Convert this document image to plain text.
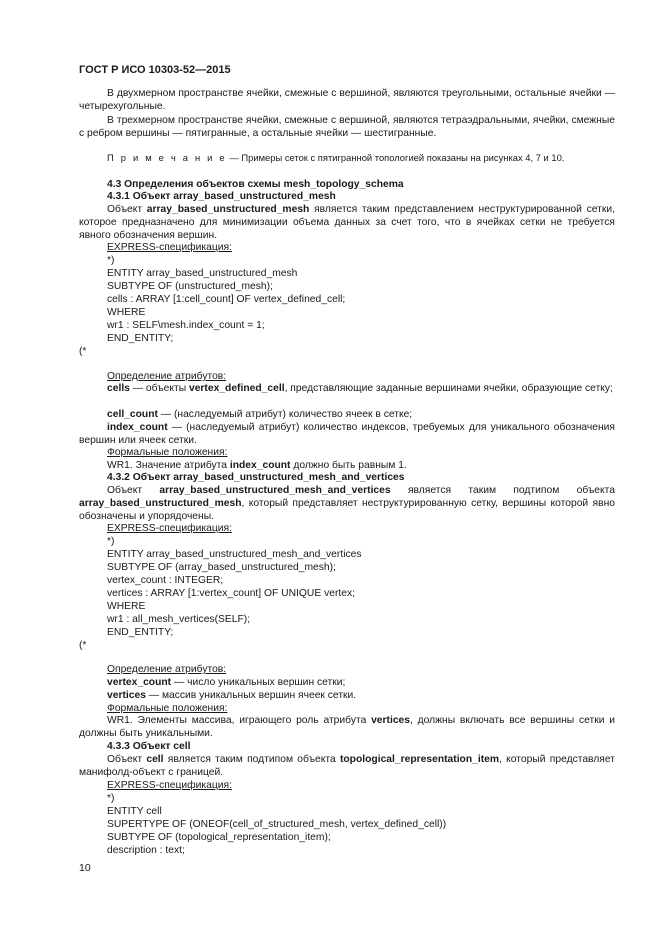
ГОСТ Р ИСО 10303-52—2015
В двухмерном пространстве ячейки, смежные с вершиной, являются треугольными, остальные ячейки — четырехугольные.
В трехмерном пространстве ячейки, смежные с вершиной, являются тетраэдральными, ячейки, смежные с ребром вершины — пятигранные, а остальные ячейки — шестигранные.
П р и м е ч а н и е — Примеры сеток с пятигранной топологией показаны на рисунках 4, 7 и 10.
4.3 Определения объектов схемы mesh_topology_schema
4.3.1 Объект array_based_unstructured_mesh
Объект array_based_unstructured_mesh является таким представлением неструктурированной сетки, которое предназначено для минимизации объема данных за счет того, что в ячейках сетки не требуется явного обозначения вершин.
EXPRESS-спецификация:
*)
ENTITY array_based_unstructured_mesh
SUBTYPE OF (unstructured_mesh);
cells : ARRAY [1:cell_count] OF vertex_defined_cell;
WHERE
wr1 : SELF\mesh.index_count = 1;
END_ENTITY;
(*
Определение атрибутов:
cells — объекты vertex_defined_cell, представляющие заданные вершинами ячейки, образующие сетку;
cell_count — (наследуемый атрибут) количество ячеек в сетке;
index_count — (наследуемый атрибут) количество индексов, требуемых для уникального обозначения вершин или ячеек сетки.
Формальные положения:
WR1. Значение атрибута index_count должно быть равным 1.
4.3.2 Объект array_based_unstructured_mesh_and_vertices
Объект array_based_unstructured_mesh_and_vertices является таким подтипом объекта array_based_unstructured_mesh, который представляет неструктурированную сетку, вершины которой явно обозначены и упорядочены.
EXPRESS-спецификация:
*)
ENTITY array_based_unstructured_mesh_and_vertices
SUBTYPE OF (array_based_unstructured_mesh);
vertex_count : INTEGER;
vertices : ARRAY [1:vertex_count] OF UNIQUE vertex;
WHERE
wr1 : all_mesh_vertices(SELF);
END_ENTITY;
(*
Определение атрибутов:
vertex_count — число уникальных вершин сетки;
vertices — массив уникальных вершин ячеек сетки.
Формальные положения:
WR1. Элементы массива, играющего роль атрибута vertices, должны включать все вершины сетки и должны быть уникальными.
4.3.3 Объект cell
Объект cell является таким подтипом объекта topological_representation_item, который представляет манифолд-объект с границей.
EXPRESS-спецификация:
*)
ENTITY cell
SUPERTYPE OF (ONEOF(cell_of_structured_mesh, vertex_defined_cell))
SUBTYPE OF (topological_representation_item);
description : text;
10
